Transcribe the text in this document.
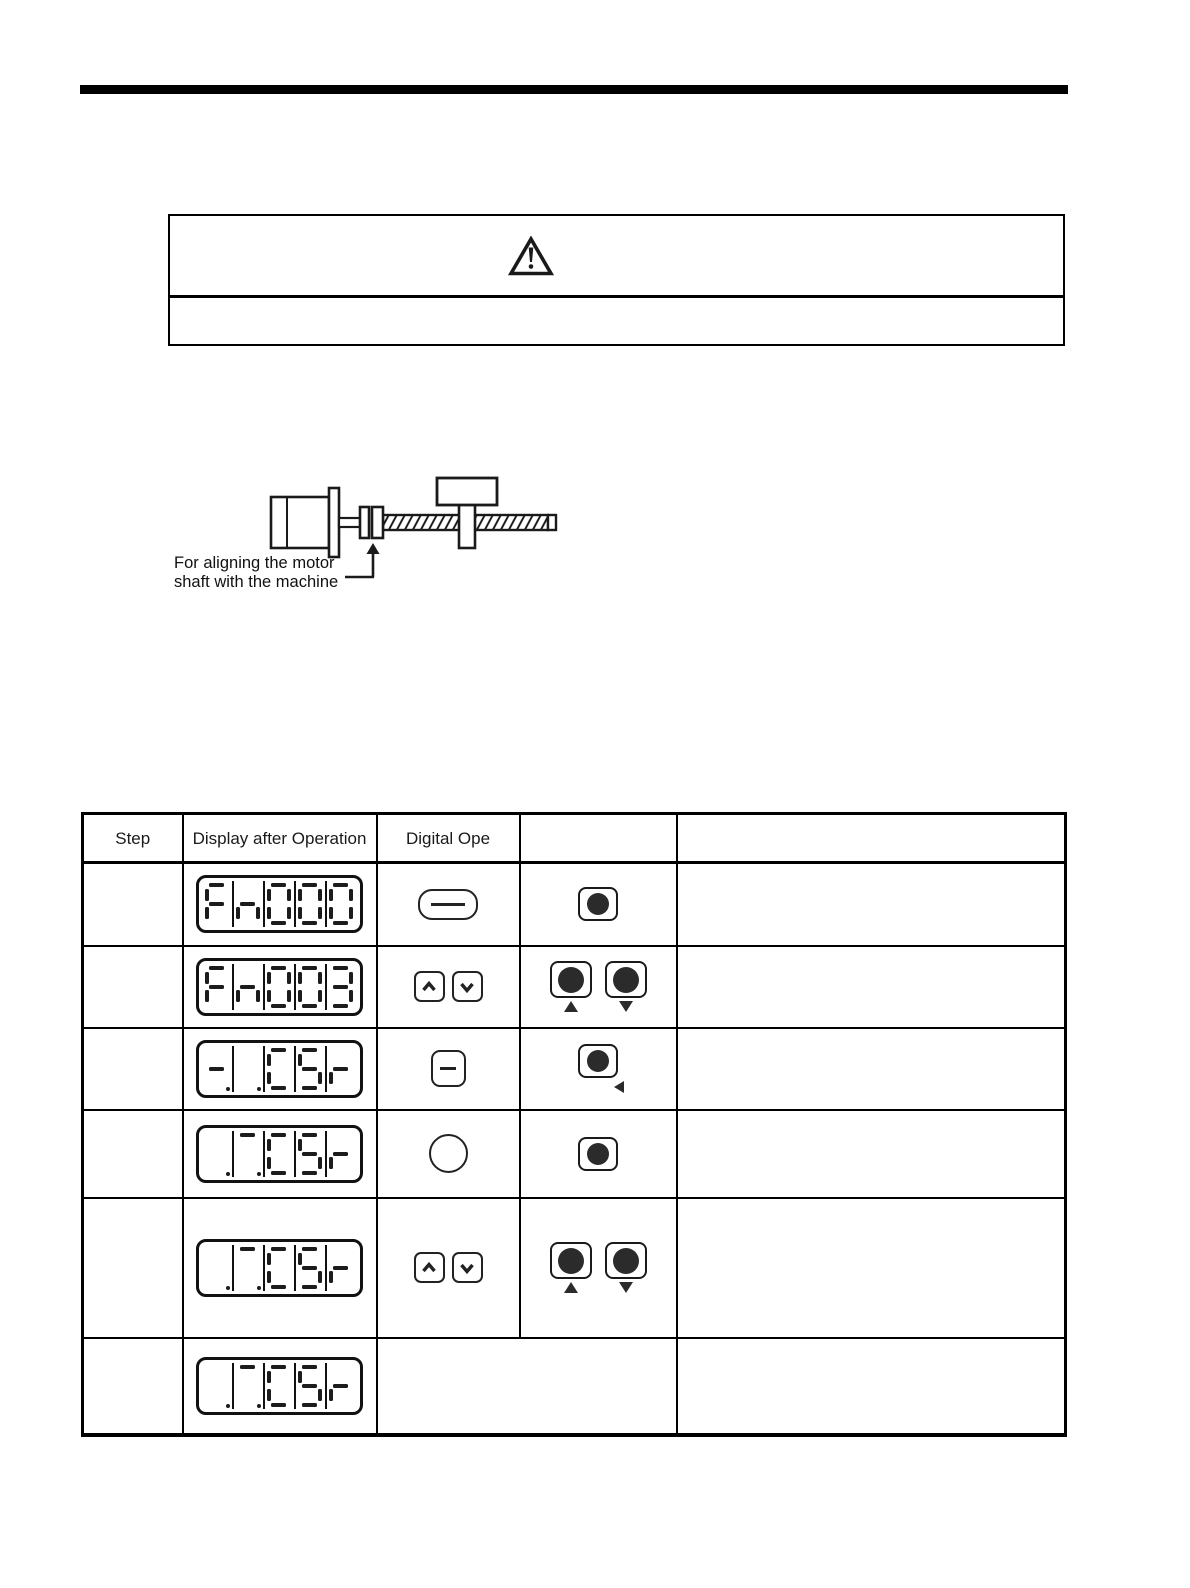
For aligning the motor
shaft with the machine
Step	Display after Operation	Digital Ope		
